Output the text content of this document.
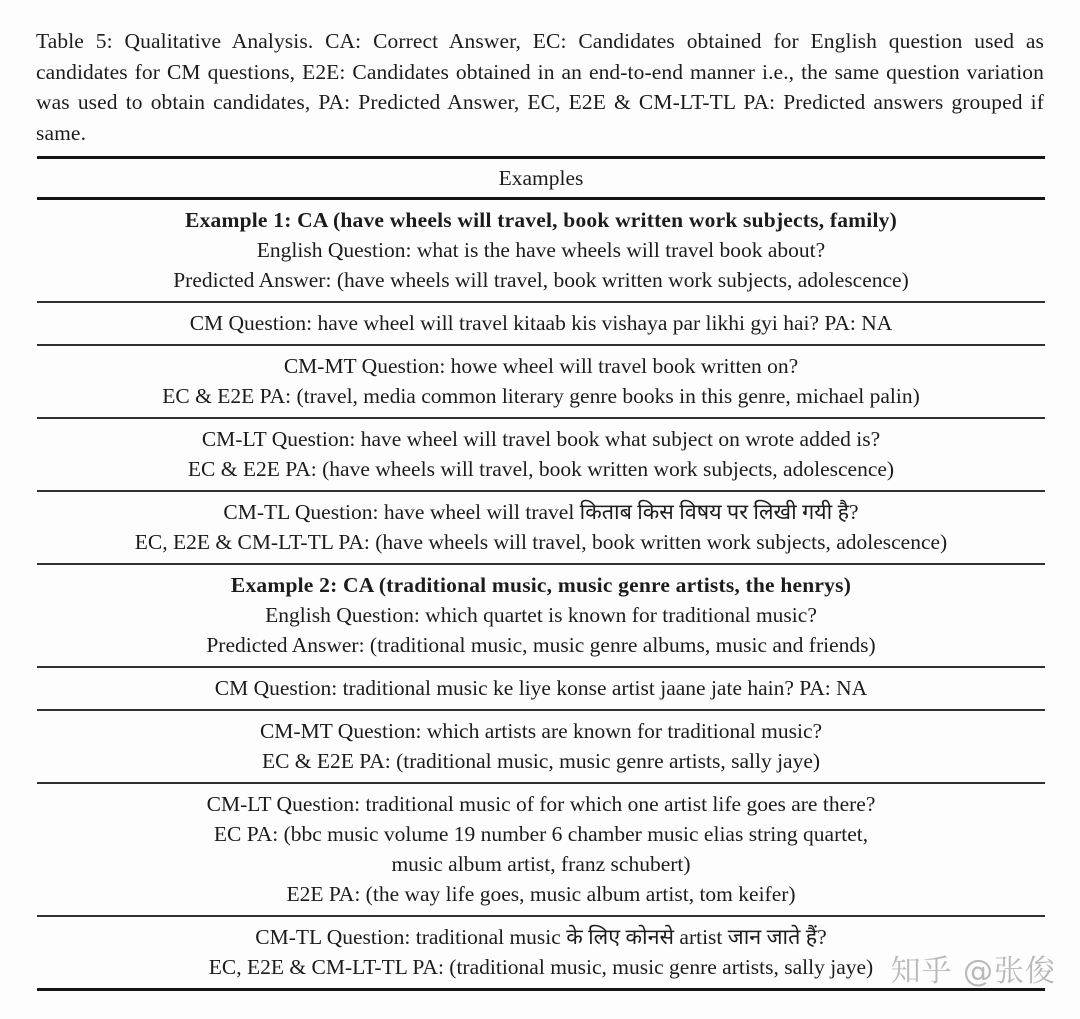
Table 5: Qualitative Analysis. CA: Correct Answer, EC: Candidates obtained for English question used as candidates for CM questions, E2E: Candidates obtained in an end-to-end manner i.e., the same question variation was used to obtain candidates, PA: Predicted Answer, EC, E2E & CM-LT-TL PA: Predicted answers grouped if same.

Examples
Example 1: CA (have wheels will travel, book written work subjects, family)
English Question: what is the have wheels will travel book about?
Predicted Answer: (have wheels will travel, book written work subjects, adolescence)
CM Question: have wheel will travel kitaab kis vishaya par likhi gyi hai? PA: NA
CM-MT Question: howe wheel will travel book written on?
EC & E2E PA: (travel, media common literary genre books in this genre, michael palin)
CM-LT Question: have wheel will travel book what subject on wrote added is?
EC & E2E PA: (have wheels will travel, book written work subjects, adolescence)
CM-TL Question: have wheel will travel किताब किस विषय पर लिखी गयी है?
EC, E2E & CM-LT-TL PA: (have wheels will travel, book written work subjects, adolescence)
Example 2: CA (traditional music, music genre artists, the henrys)
English Question: which quartet is known for traditional music?
Predicted Answer: (traditional music, music genre albums, music and friends)
CM Question: traditional music ke liye konse artist jaane jate hain? PA: NA
CM-MT Question: which artists are known for traditional music?
EC & E2E PA: (traditional music, music genre artists, sally jaye)
CM-LT Question: traditional music of for which one artist life goes are there?
EC PA: (bbc music volume 19 number 6 chamber music elias string quartet,
music album artist, franz schubert)
E2E PA: (the way life goes, music album artist, tom keifer)
CM-TL Question: traditional music के लिए कोनसे artist जान जाते हैं?
EC, E2E & CM-LT-TL PA: (traditional music, music genre artists, sally jaye) 知乎 @张俊
